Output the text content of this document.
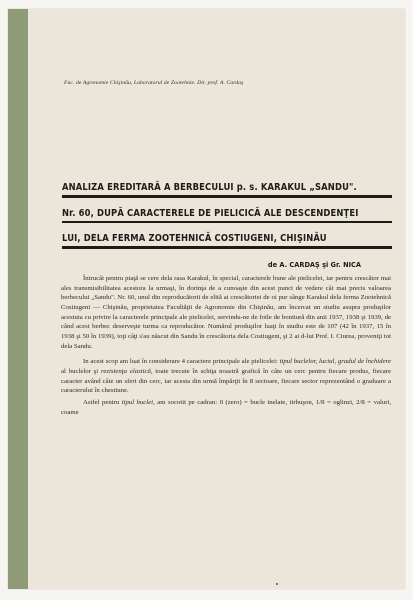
Fac. de Agronomie Chişinău, Laboratorul de Zootehnie. Dir. prof. A. Cardaş
ANALIZA EREDITARĂ A BERBECULUI p. s. KARAKUL „SANDU".
Nr. 60, DUPĂ CARACTERELE DE PIELICICĂ ALE DESCENDENŢEI
LUI, DELA FERMA ZOOTEHNICĂ COSTIUGENI, CHIŞINĂU
de A. CARDAŞ şi Gr. NICA

Întrucât pentru piaţă se cere dela rasa Karakul, în special, caracterele bune ale pielicelei, iar pentru crescător mai ales transmisibilitatea acestora la urmaşi, în dorinţa de a cunoaşte din acest punct de vedere cât mai precis valoarea berbecului „Sandu". Nr. 60, unul din reproducătorii de elită ai crescătoriei de oi pur sânge Karakul dela ferma Zootehnică Costiugeni — Chişinău, proprietatea Facultăţii de Agronomie din Chişinău, am încercat un studiu asupra produşilor acestuia cu privire la caracterele principale ale pielicelei, servindu-ne de foile de bonitură din anii 1937, 1938 şi 1939, de când acest berbec deserveşte turma ca reproducător. Numărul produşilor luaţi în studiu este de 107 (42 în 1937, 15 în 1938 şi 50 în 1939), toţi câţi s'au născut din Sandu în crescătoria dela Costiugeni, şi 2 ai d-lui Prof. I. Ciurea, proveniţi tot dela Sandu.

In acest scop am luat în considerare 4 caractere principale ale pielicelei: tipul buclelor, luciul, gradul de închidere al buclelor şi rezistenţa elastică, toate trecute în schiţa noastră grafică în câte un cerc pentru fiecare produs, fiecare caracter având câte un sfert din cerc, iar acesta din urmă împărţit în 8 sectoare, fiecare sector reprezentând o graduare a caracterului în chestiune.

Astfel pentru tipul buclei, am socotit pe cadran: 0 (zero) = bucle inelate, tirbuşon, 1/8 = oglinzi, 2/8 = valuri, coame
